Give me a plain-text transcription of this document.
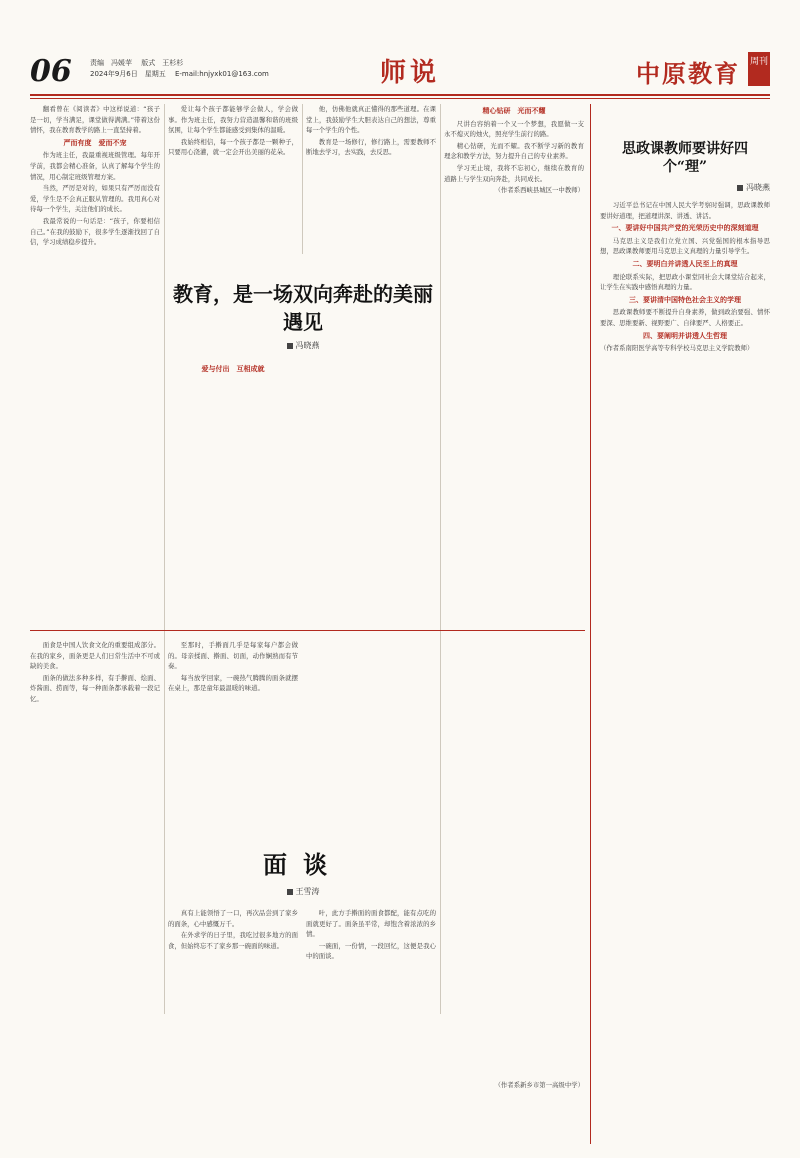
06	责编　冯媛苹 版式　王杉杉
2024年9月6日　星期五 E-mail:hnjyxk01@163.com	师说	中原教育 周刊

翻看曾在《阅读者》中这样说道：“孩子是一切，学当满足，课堂做得满满。”带着这份情怀，我在教育教学的路上一直坚持着。

严而有度　爱而不宠

作为班主任，我最重视班级管理。每年开学前，我都会精心准备，认真了解每个学生的情况，用心制定班级管理方案。

当然，严厉是对的，如果只有严厉而没有爱，学生是不会真正服从管理的。我用真心对待每一个学生，关注他们的成长。

我最常说的一句话是：“孩子，你要相信自己。”在我的鼓励下，很多学生逐渐找回了自信，学习成绩稳步提升。

爱让每个孩子都能够学会做人，学会做事。作为班主任，我努力营造温馨和谐的班级氛围，让每个学生都能感受到集体的温暖。

我始终相信，每一个孩子都是一颗种子，只要用心浇灌，就一定会开出美丽的花朵。

他，仿佛他就真正懂得的那些道理。在课堂上，我鼓励学生大胆表达自己的想法，尊重每一个学生的个性。

教育是一场修行，修行路上，需要教师不断地去学习，去实践，去反思。

精心钻研　光而不耀

尺讲台容纳着一个又一个梦想，我愿做一支永不熄灭的烛火，照亮学生前行的路。

精心钻研，光而不耀。我不断学习新的教育理念和教学方法，努力提升自己的专业素养。

学习无止境，我将不忘初心，继续在教育的道路上与学生双向奔赴，共同成长。

（作者系西峡县城区一中教师）

教育，是一场双向奔赴的美丽遇见
冯晓燕
爱与付出　互相成就

面食是中国人饮食文化的重要组成部分。在我的家乡，面条更是人们日常生活中不可或缺的美食。

面条的做法多种多样，有手擀面、烩面、炸酱面、捞面等，每一种面条都承载着一段记忆。

至那时，手擀面几乎是每家每户都会做的。母亲揉面、擀面、切面，动作娴熟而有节奏。

每当放学回家，一碗热气腾腾的面条就摆在桌上，那是童年最温暖的味道。

面谈
王雪涛

真有上能领悟了一口，再次品尝到了家乡的面条，心中感慨万千。

在外求学的日子里，我吃过很多地方的面食，但始终忘不了家乡那一碗面的味道。

叶，此方手擀面的面食都配，能有点吃的面就更好了。面条虽平常，却饱含着浓浓的乡情。

一碗面，一份情，一段回忆，这便是我心中的面谈。

（作者系新乡市第一高级中学）

思政课教师要讲好四个“理”
冯晓燕

习近平总书记在中国人民大学考察时强调，思政课教师要讲好道理，把道理讲深、讲透、讲活。

一、要讲好中国共产党的光荣历史中的深刻道理

马克思主义是我们立党立国、兴党强国的根本指导思想，思政课教师要用马克思主义真理的力量引导学生。

二、要明白并讲透人民至上的真理

理论联系实际，把思政小课堂同社会大课堂结合起来，让学生在实践中感悟真理的力量。

三、要讲清中国特色社会主义的学理

思政课教师要不断提升自身素养，做到政治要强、情怀要深、思维要新、视野要广、自律要严、人格要正。

四、要阐明并讲透人生哲理

（作者系南阳医学高等专科学校马克思主义学院教师）
